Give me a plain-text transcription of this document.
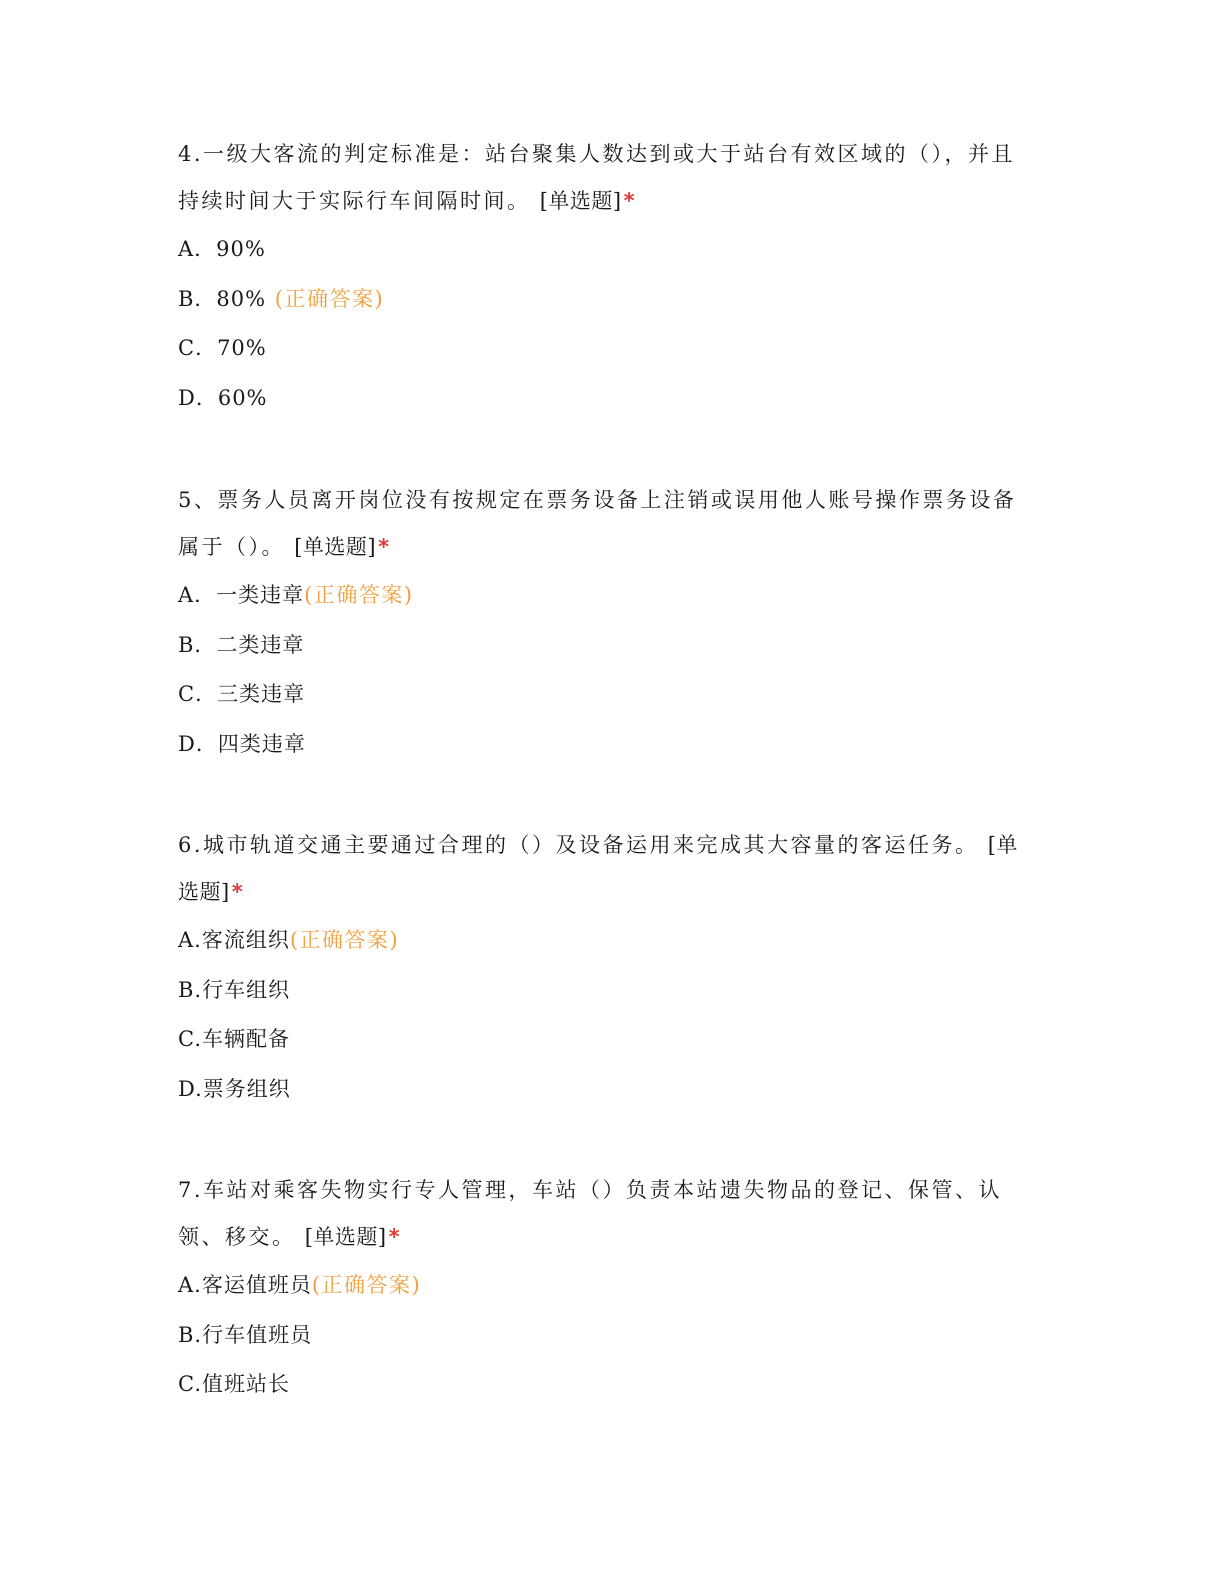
4.一级大客流的判定标准是：站台聚集人数达到或大于站台有效区域的（），并且持续时间大于实际行车间隔时间。 [单选题]*

A．90%
B．80% (正确答案)
C．70%
D．60%

5、票务人员离开岗位没有按规定在票务设备上注销或误用他人账号操作票务设备属于（）。 [单选题]*

A．一类违章(正确答案)
B．二类违章
C．三类违章
D．四类违章

6.城市轨道交通主要通过合理的（）及设备运用来完成其大容量的客运任务。 [单选题]*

A.客流组织(正确答案)
B.行车组织
C.车辆配备
D.票务组织

7.车站对乘客失物实行专人管理，车站（）负责本站遗失物品的登记、保管、认领、移交。 [单选题]*

A.客运值班员(正确答案)
B.行车值班员
C.值班站长
